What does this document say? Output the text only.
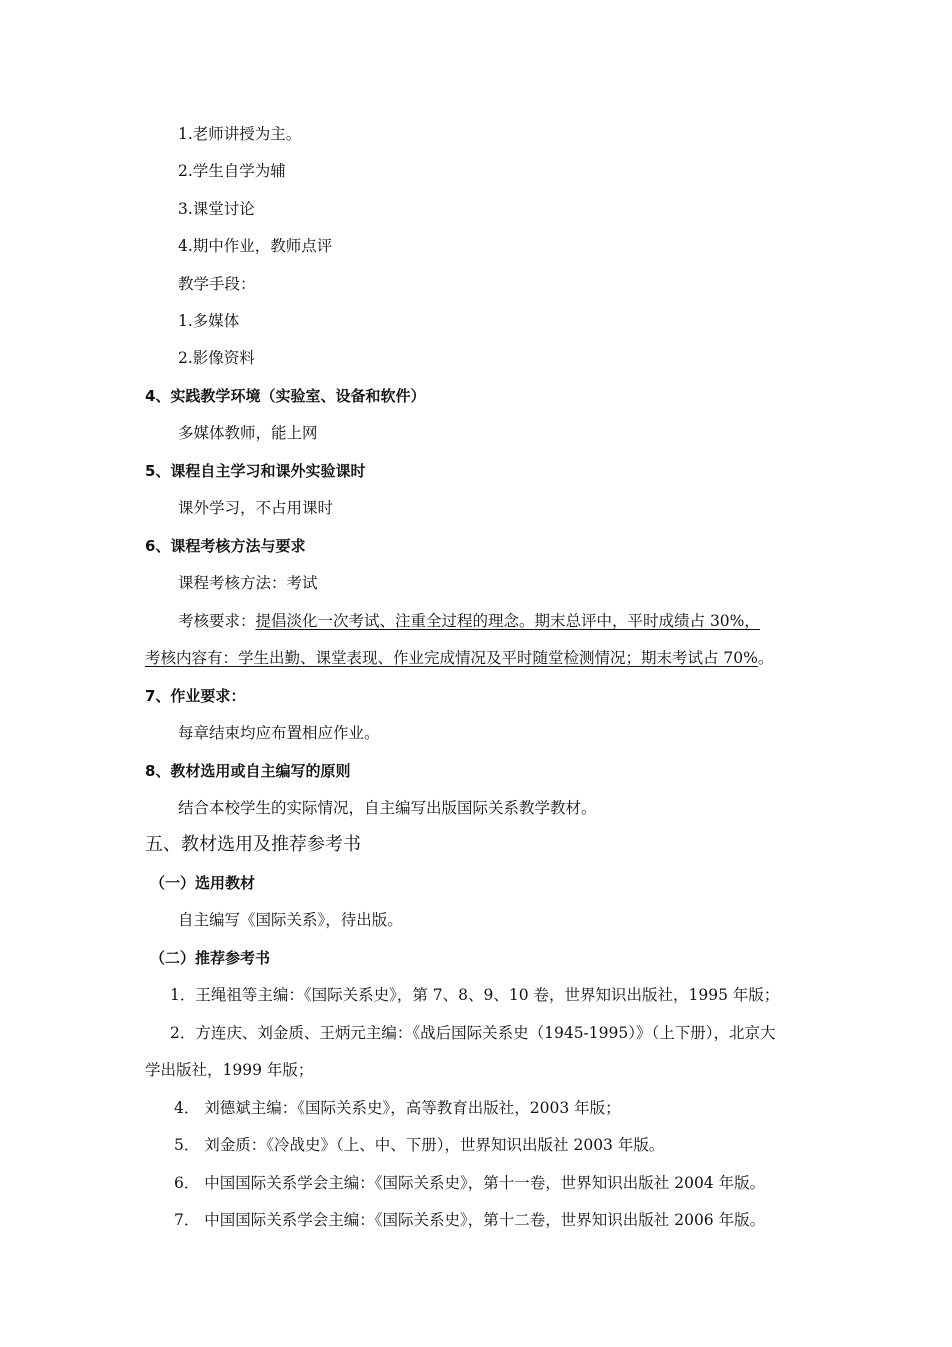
1.老师讲授为主。
2.学生自学为辅
3.课堂讨论
4.期中作业，教师点评
教学手段：
1.多媒体
2.影像资料
4、实践教学环境（实验室、设备和软件）
多媒体教师，能上网
5、课程自主学习和课外实验课时
课外学习，不占用课时
6、课程考核方法与要求
课程考核方法：考试
考核要求：提倡淡化一次考试、注重全过程的理念。期末总评中，平时成绩占 30%，
考核内容有：学生出勤、课堂表现、作业完成情况及平时随堂检测情况；期末考试占 70%。
7、作业要求：
每章结束均应布置相应作业。
8、教材选用或自主编写的原则
结合本校学生的实际情况，自主编写出版国际关系教学教材。
五、教材选用及推荐参考书
（一）选用教材
自主编写《国际关系》，待出版。
（二）推荐参考书
1．王绳祖等主编：《国际关系史》，第 7、8、9、10 卷，世界知识出版社，1995 年版；
2．方连庆、刘金质、王炳元主编：《战后国际关系史（1945-1995）》（上下册），北京大
学出版社，1999 年版；
4． 刘德斌主编：《国际关系史》，高等教育出版社，2003 年版；
5． 刘金质：《冷战史》（上、中、下册），世界知识出版社 2003 年版。
6． 中国国际关系学会主编：《国际关系史》，第十一卷，世界知识出版社 2004 年版。
7． 中国国际关系学会主编：《国际关系史》，第十二卷，世界知识出版社 2006 年版。
